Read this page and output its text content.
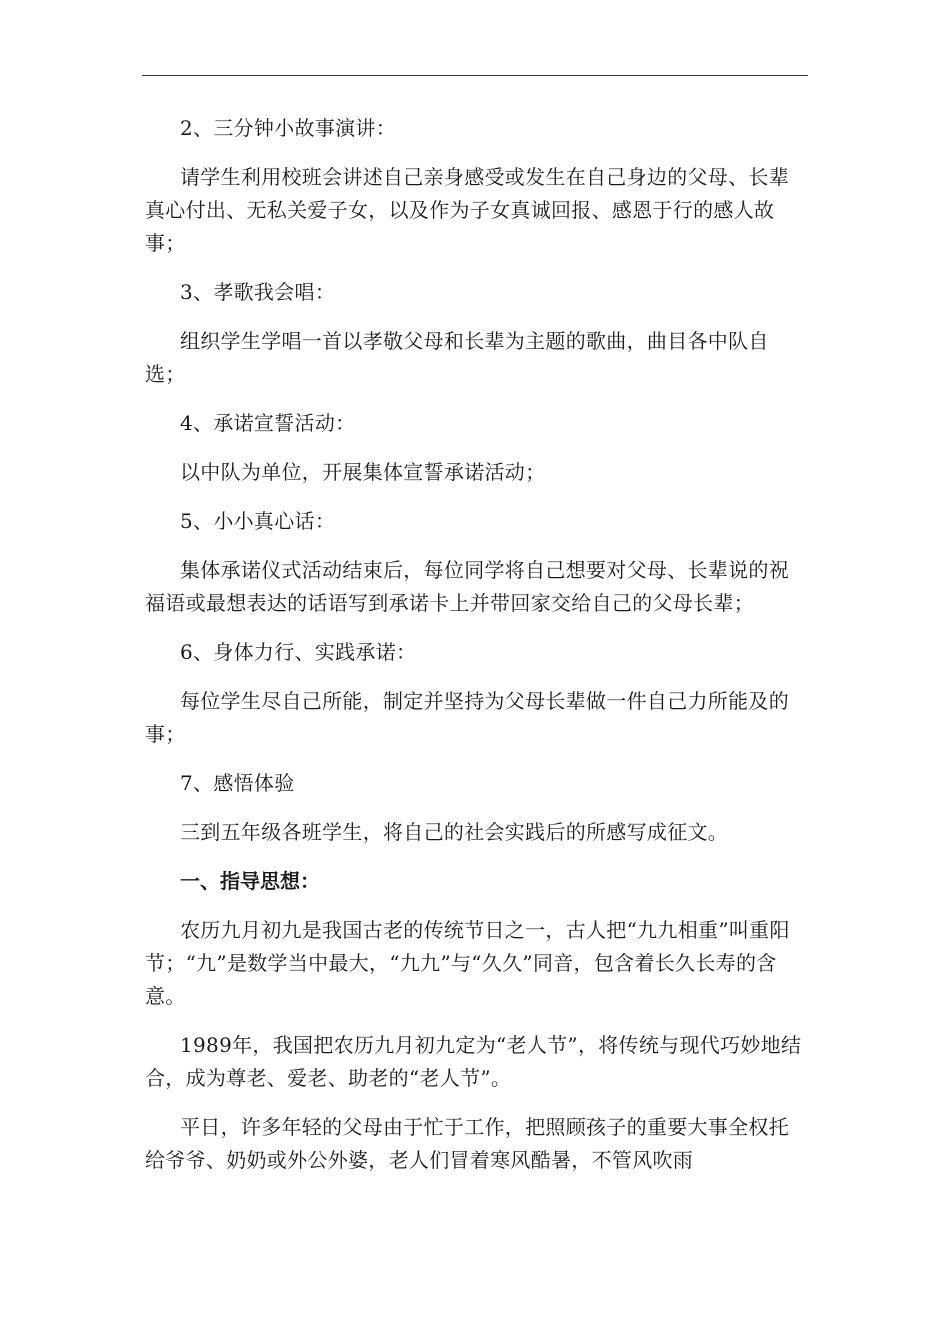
2、三分钟小故事演讲：

请学生利用校班会讲述自己亲身感受或发生在自己身边的父母、长辈真心付出、无私关爱子女，以及作为子女真诚回报、感恩于行的感人故事；

3、孝歌我会唱：

组织学生学唱一首以孝敬父母和长辈为主题的歌曲，曲目各中队自选；

4、承诺宣誓活动：

以中队为单位，开展集体宣誓承诺活动；

5、小小真心话：

集体承诺仪式活动结束后，每位同学将自己想要对父母、长辈说的祝福语或最想表达的话语写到承诺卡上并带回家交给自己的父母长辈；

6、身体力行、实践承诺：

每位学生尽自己所能，制定并坚持为父母长辈做一件自己力所能及的事；

7、感悟体验

三到五年级各班学生，将自己的社会实践后的所感写成征文。

一、指导思想：

农历九月初九是我国古老的传统节日之一，古人把“九九相重”叫重阳节；“九”是数学当中最大，“九九”与“久久”同音，包含着长久长寿的含意。

1989年，我国把农历九月初九定为“老人节”，将传统与现代巧妙地结合，成为尊老、爱老、助老的“老人节”。

平日，许多年轻的父母由于忙于工作，把照顾孩子的重要大事全权托给爷爷、奶奶或外公外婆，老人们冒着寒风酷暑，不管风吹雨
